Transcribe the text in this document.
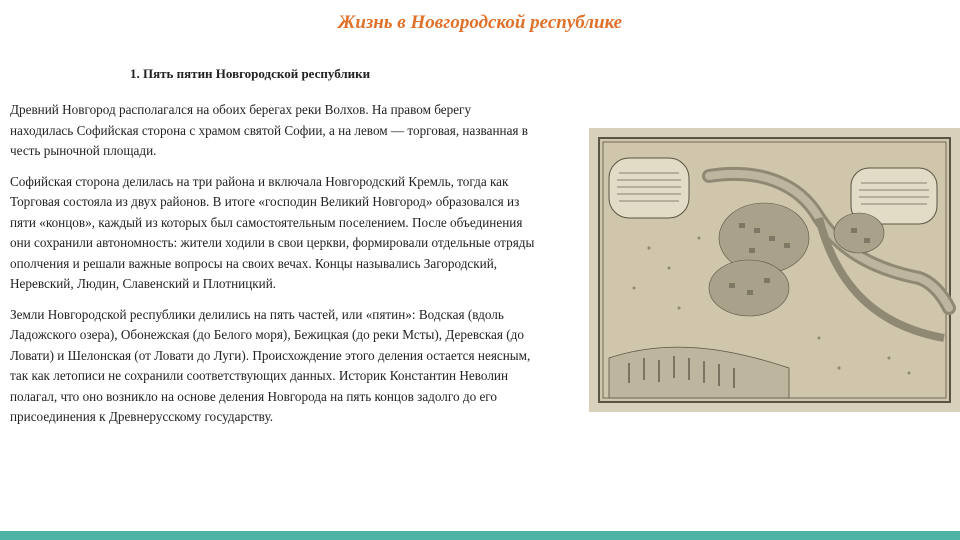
Жизнь в Новгородской республике
1. Пять пятин Новгородской республики

Древний Новгород располагался на обоих берегах реки Волхов. На правом берегу находилась Софийская сторона с храмом святой Софии, а на левом — торговая, названная в честь рыночной площади.

Софийская сторона делилась на три района и включала Новгородский Кремль, тогда как Торговая состояла из двух районов. В итоге «господин Великий Новгород» образовался из пяти «концов», каждый из которых был самостоятельным поселением. После объединения они сохранили автономность: жители ходили в свои церкви, формировали отдельные отряды ополчения и решали важные вопросы на своих вечах. Концы назывались Загородский, Неревский, Людин, Славенский и Плотницкий.

Земли Новгородской республики делились на пять частей, или «пятин»: Водская (вдоль Ладожского озера), Обонежская (до Белого моря), Бежицкая (до реки Мсты), Деревская (до Ловати) и Шелонская (от Ловати до Луги). Происхождение этого деления остается неясным, так как летописи не сохранили соответствующих данных. Историк Константин Неволин полагал, что оно возникло на основе деления Новгорода на пять концов задолго до его присоединения к Древнерусскому государству.
